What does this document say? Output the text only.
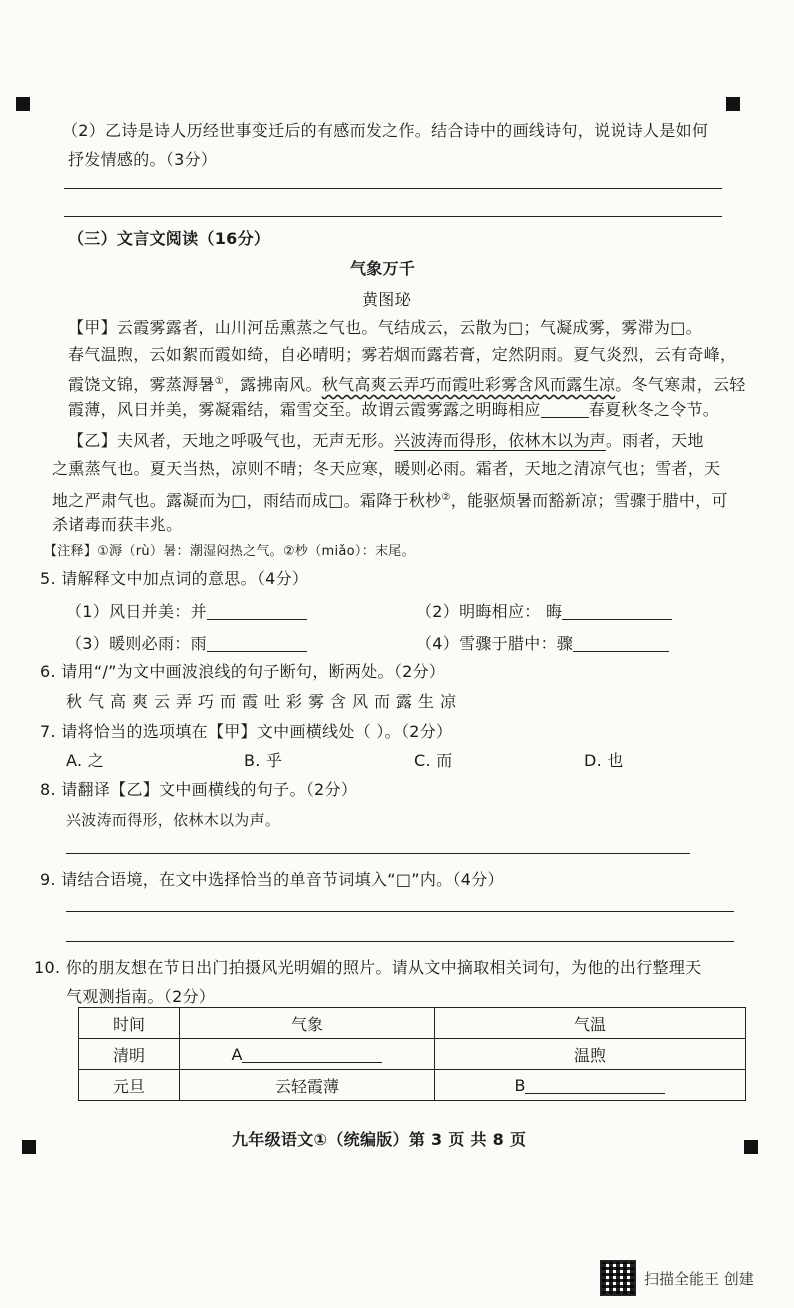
（2）乙诗是诗人历经世事变迁后的有感而发之作。结合诗中的画线诗句，说说诗人是如何
抒发情感的。（3分）
（三）文言文阅读（16分）
气象万千
黄图珌
【甲】云霞雾露者，山川河岳熏蒸之气也。气结成云，云散为□；气凝成雾，雾滞为□。
春气温煦，云如絮而霞如绮，自必晴明；雾若烟而露若膏，定然阴雨。夏气炎烈，云有奇峰，
霞饶文锦，雾蒸溽暑①，露拂南风。秋气高爽云弄巧而霞吐彩雾含风而露生凉。冬气寒肃，云轻
霞薄，风日并美，雾凝霜结，霜雪交至。故谓云霞雾露之明晦相应	春夏秋冬之令节。
【乙】夫风者，天地之呼吸气也，无声无形。兴波涛而得形，依林木以为声。雨者，天地
之熏蒸气也。夏天当热，凉则不晴；冬天应寒，暖则必雨。霜者，天地之清凉气也；雪者，天
地之严肃气也。露凝而为□，雨结而成□。霜降于秋杪②，能驱烦暑而豁新凉；雪骤于腊中，可
杀诸毒而获丰兆。
【注释】①溽（rù）暑：潮湿闷热之气。②杪（miǎo）：末尾。
5. 请解释文中加点词的意思。（4分）
（1）风日并美：并	（2）明晦相应： 晦
（3）暖则必雨：雨	（4）雪骤于腊中：骤
6. 请用“/”为文中画波浪线的句子断句，断两处。（2分）
秋气高爽云弄巧而霞吐彩雾含风而露生凉
7. 请将恰当的选项填在【甲】文中画横线处（ ）。（2分）
A. 之	B. 乎	C. 而	D. 也
8. 请翻译【乙】文中画横线的句子。（2分）
兴波涛而得形，依林木以为声。
9. 请结合语境，在文中选择恰当的单音节词填入“□”内。（4分）
10. 你的朋友想在节日出门拍摄风光明媚的照片。请从文中摘取相关词句，为他的出行整理天
气观测指南。（2分）
时间	气象	气温
清明	A	温煦
元旦	云轻霞薄	B
九年级语文①（统编版）第 3 页 共 8 页
扫描全能王 创建
